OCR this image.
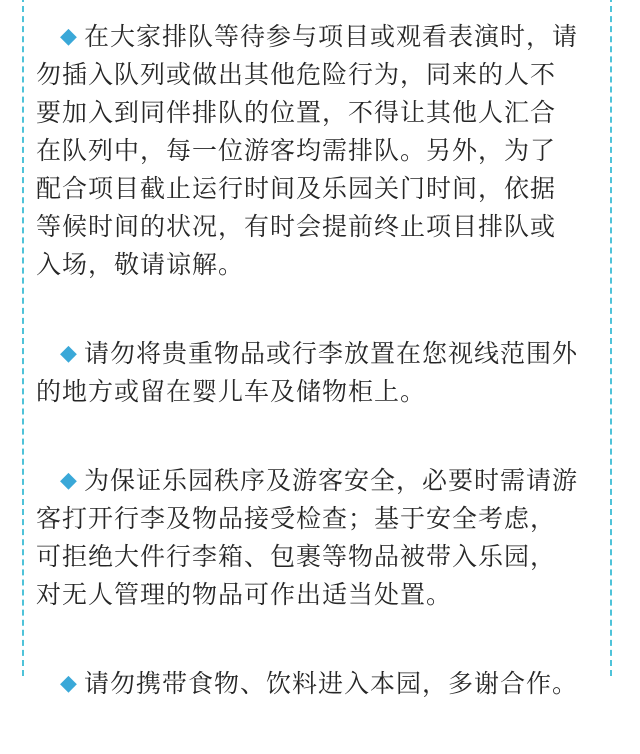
◆ 在大家排队等待参与项目或观看表演时，请
勿插入队列或做出其他危险行为，同来的人不
要加入到同伴排队的位置，不得让其他人汇合
在队列中，每一位游客均需排队。另外，为了
配合项目截止运行时间及乐园关门时间，依据
等候时间的状况，有时会提前终止项目排队或
入场，敬请谅解。
◆ 请勿将贵重物品或行李放置在您视线范围外
的地方或留在婴儿车及储物柜上。
◆ 为保证乐园秩序及游客安全，必要时需请游
客打开行李及物品接受检查；基于安全考虑，
可拒绝大件行李箱、包裹等物品被带入乐园，
对无人管理的物品可作出适当处置。
◆ 请勿携带食物、饮料进入本园，多谢合作。
